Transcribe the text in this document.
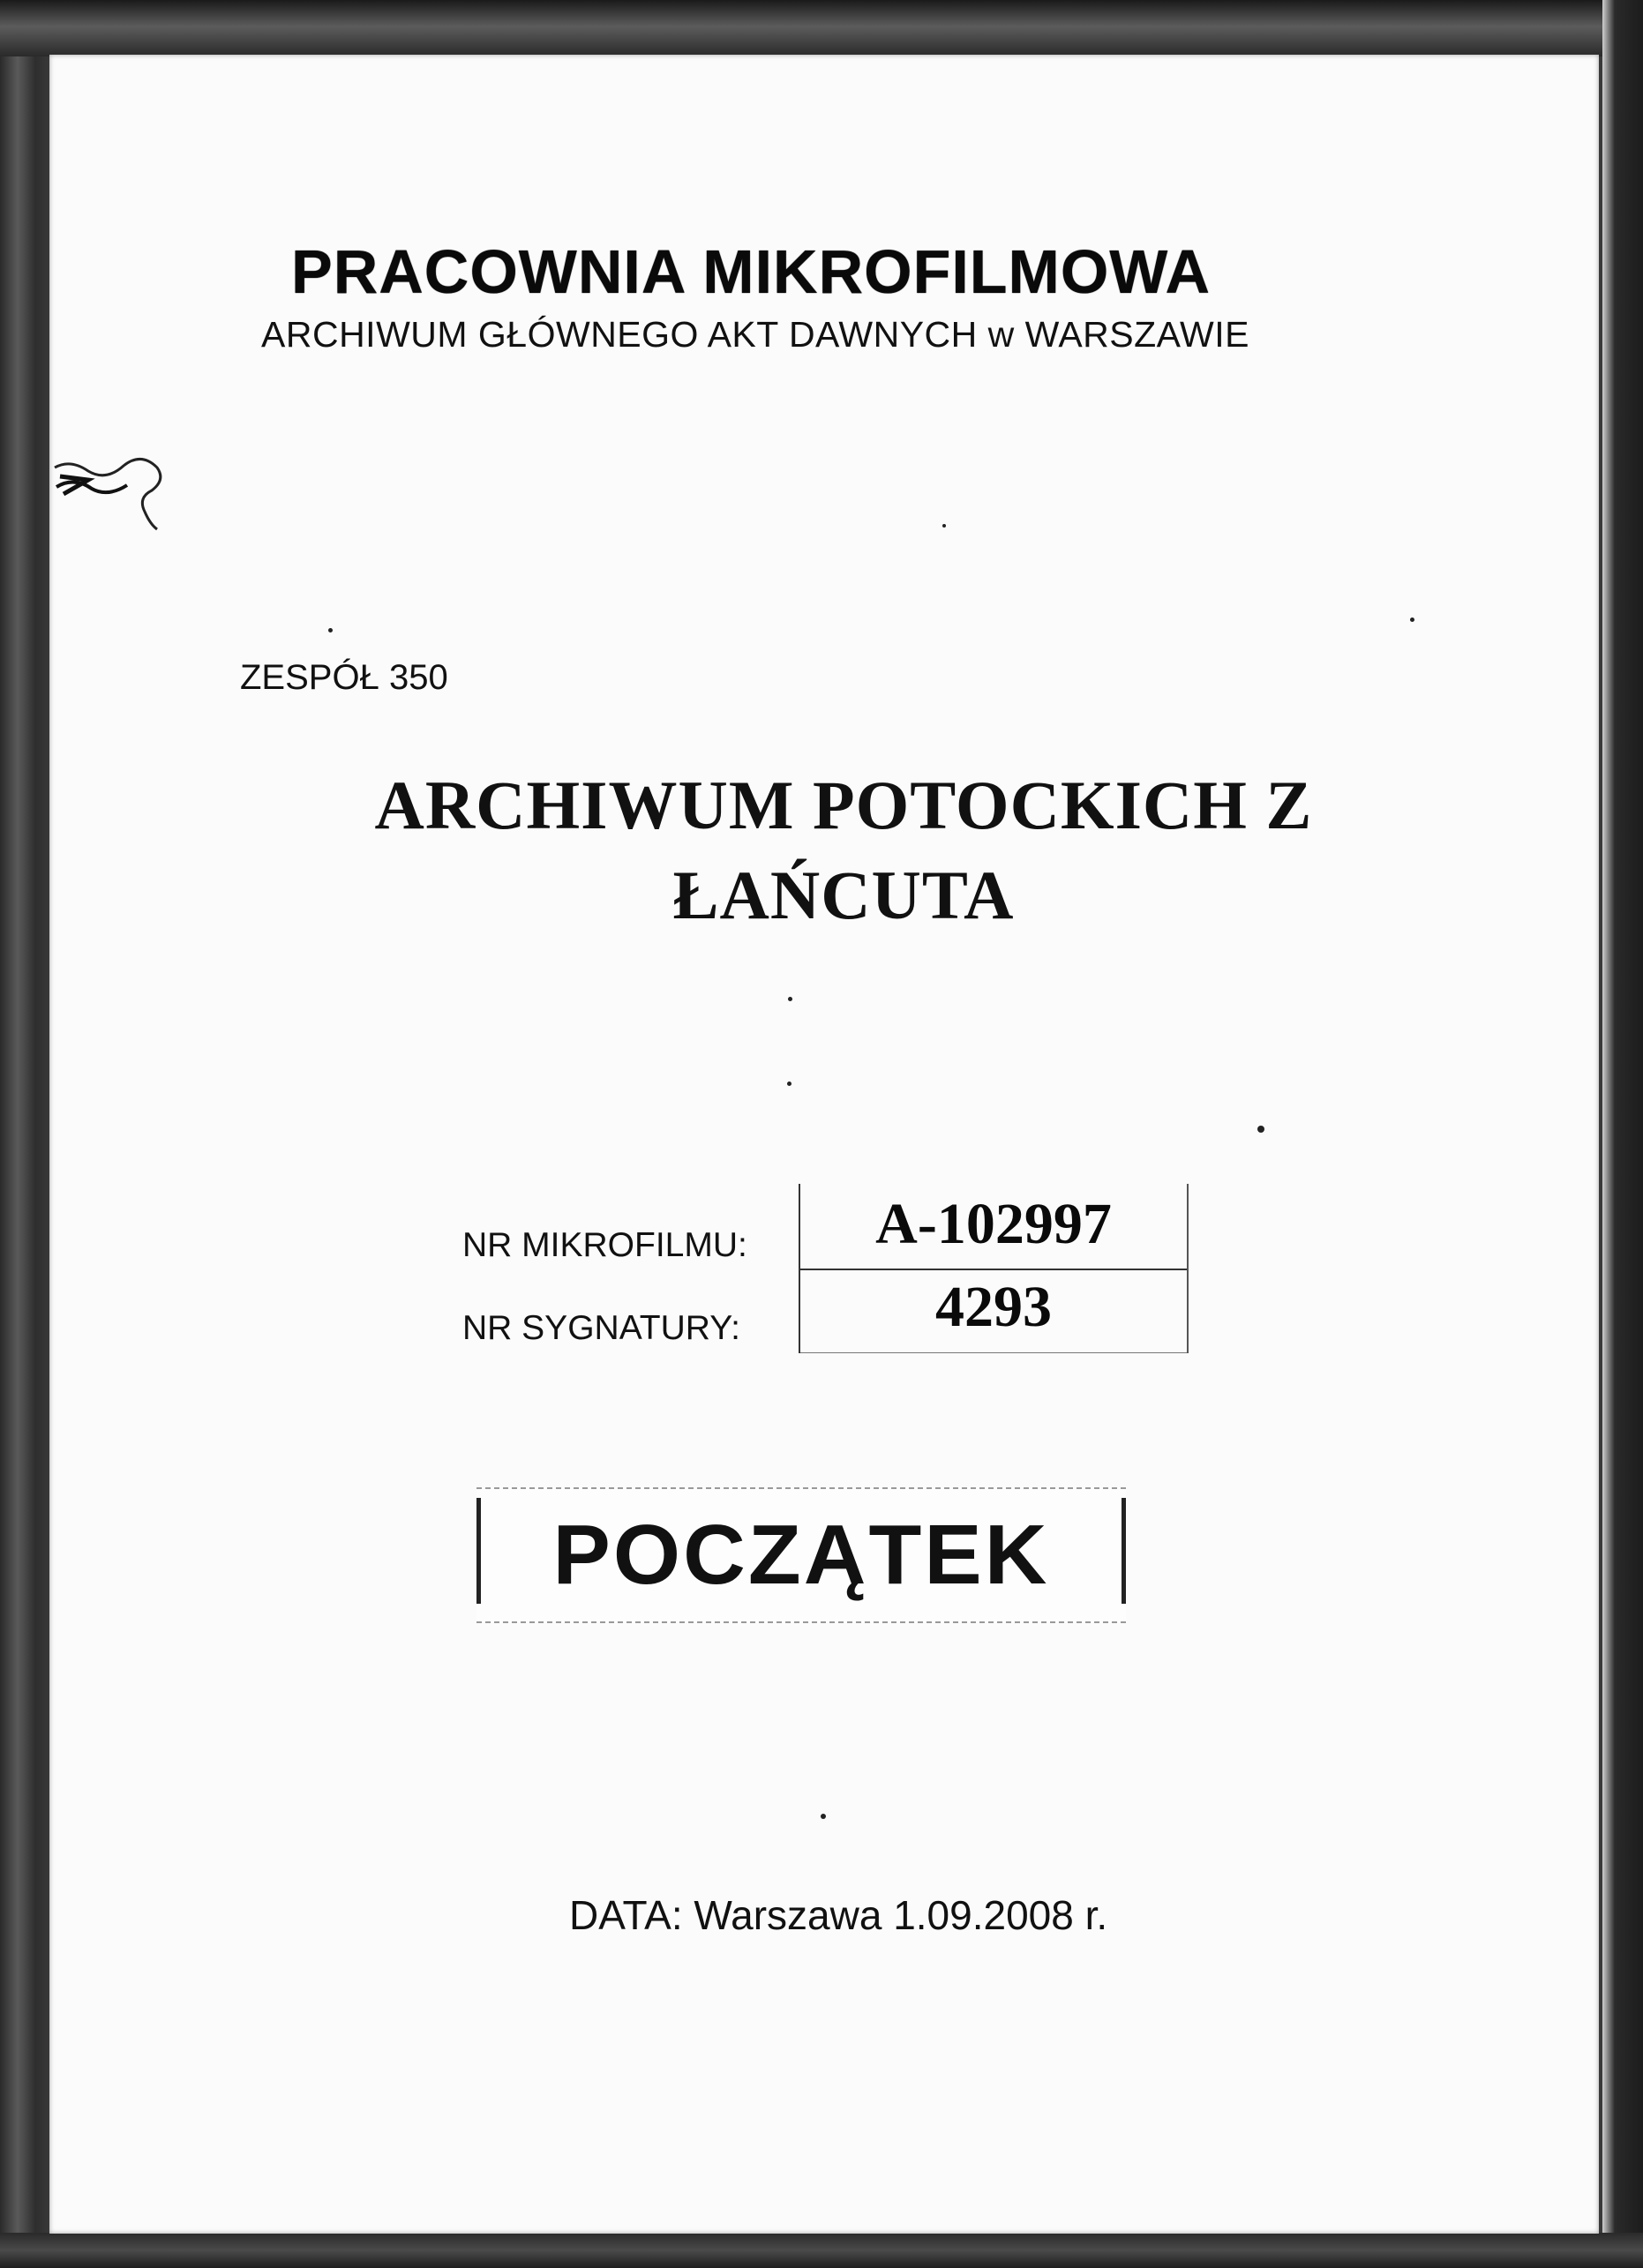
PRACOWNIA MIKROFILMOWA
ARCHIWUM GŁÓWNEGO AKT DAWNYCH w WARSZAWIE
ZESPÓŁ 350
ARCHIWUM POTOCKICH Z
ŁAŃCUTA
NR MIKROFILMU:
NR SYGNATURY:
A-102997
4293
POCZĄTEK
DATA: Warszawa 1.09.2008 r.
